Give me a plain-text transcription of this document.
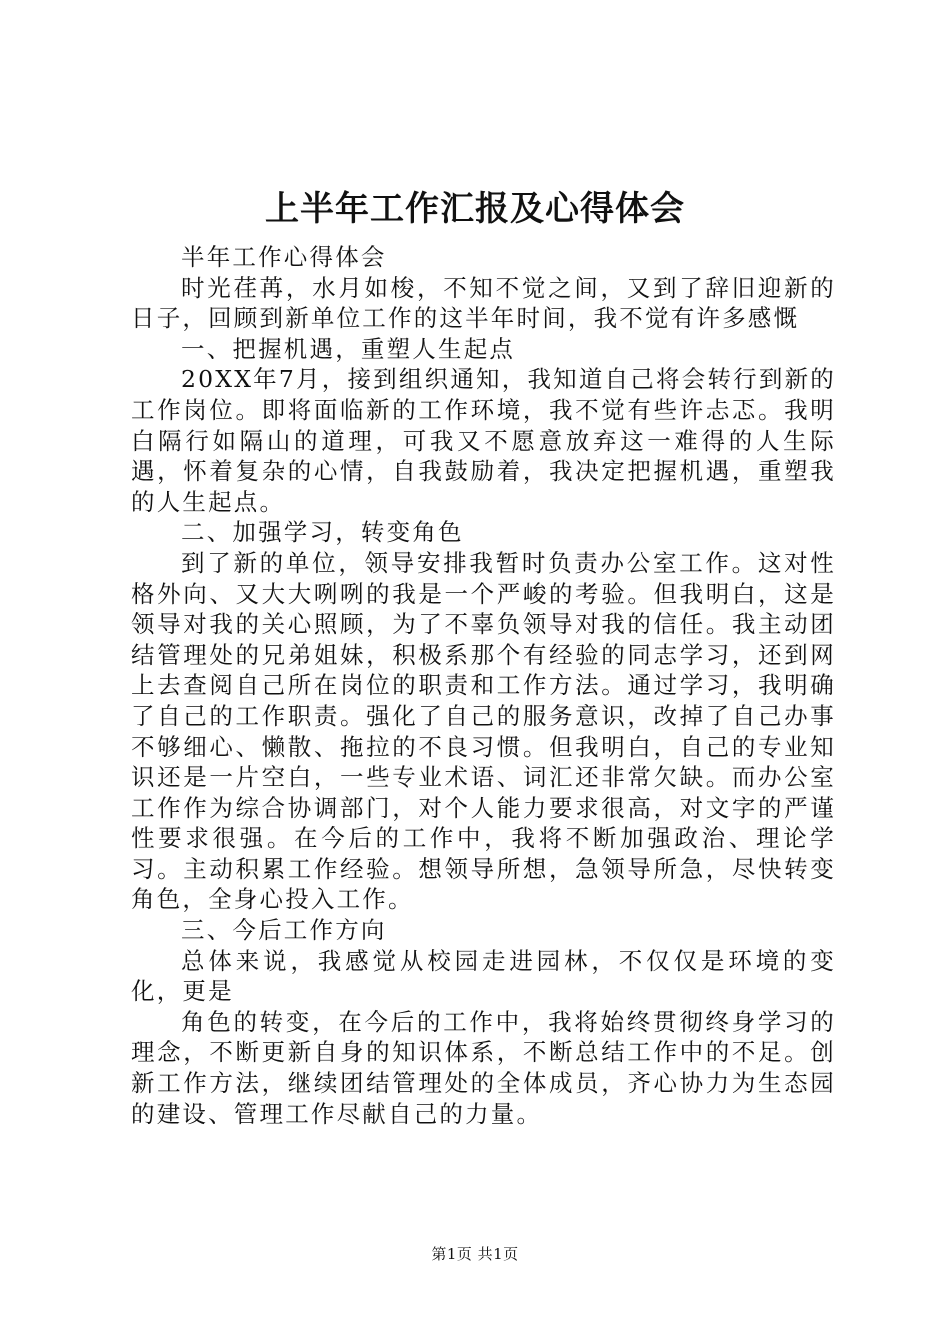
上半年工作汇报及心得体会

半年工作心得体会

时光荏苒，水月如梭，不知不觉之间，又到了辞旧迎新的日子，回顾到新单位工作的这半年时间，我不觉有许多感慨

一、把握机遇，重塑人生起点

20XX年7月，接到组织通知，我知道自己将会转行到新的工作岗位。即将面临新的工作环境，我不觉有些许忐忑。我明白隔行如隔山的道理，可我又不愿意放弃这一难得的人生际遇，怀着复杂的心情，自我鼓励着，我决定把握机遇，重塑我的人生起点。

二、加强学习，转变角色

到了新的单位，领导安排我暂时负责办公室工作。这对性格外向、又大大咧咧的我是一个严峻的考验。但我明白，这是领导对我的关心照顾，为了不辜负领导对我的信任。我主动团结管理处的兄弟姐妹，积极系那个有经验的同志学习，还到网上去查阅自己所在岗位的职责和工作方法。通过学习，我明确了自己的工作职责。强化了自己的服务意识，改掉了自己办事不够细心、懒散、拖拉的不良习惯。但我明白，自己的专业知识还是一片空白，一些专业术语、词汇还非常欠缺。而办公室工作作为综合协调部门，对个人能力要求很高，对文字的严谨性要求很强。在今后的工作中，我将不断加强政治、理论学习。主动积累工作经验。想领导所想，急领导所急，尽快转变角色，全身心投入工作。

三、今后工作方向

总体来说，我感觉从校园走进园林，不仅仅是环境的变化，更是

角色的转变，在今后的工作中，我将始终贯彻终身学习的理念，不断更新自身的知识体系，不断总结工作中的不足。创新工作方法，继续团结管理处的全体成员，齐心协力为生态园的建设、管理工作尽献自己的力量。

第1页 共1页
